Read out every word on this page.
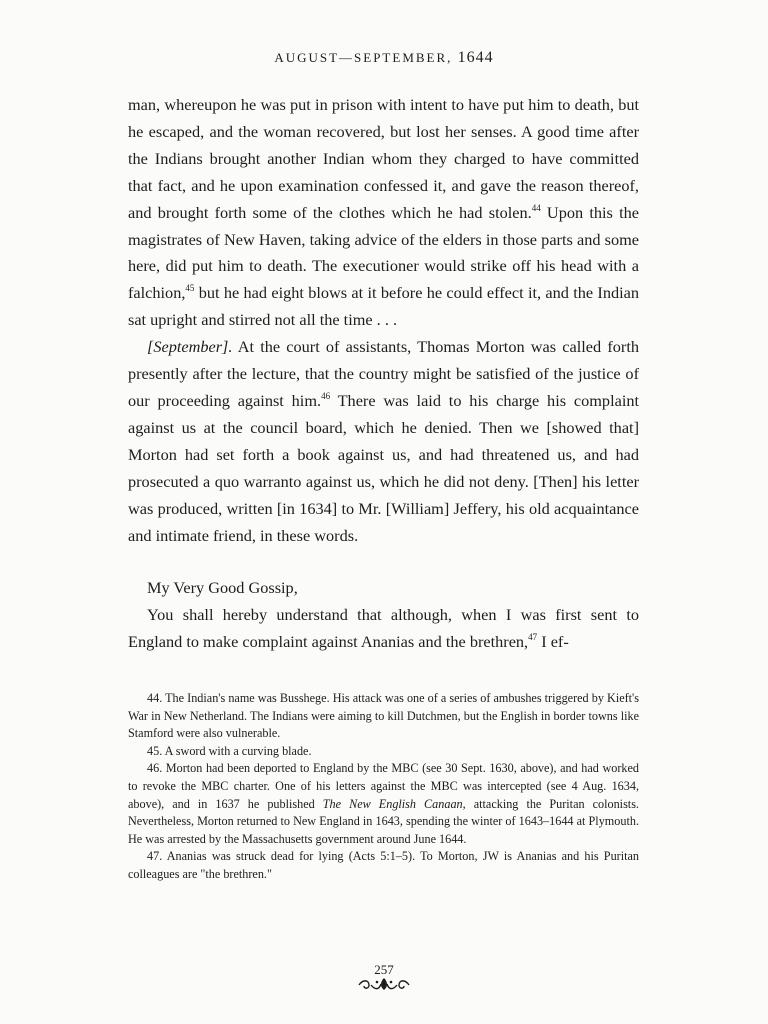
AUGUST—SEPTEMBER, 1644

man, whereupon he was put in prison with intent to have put him to death, but he escaped, and the woman recovered, but lost her senses. A good time after the Indians brought another Indian whom they charged to have committed that fact, and he upon examination confessed it, and gave the reason thereof, and brought forth some of the clothes which he had stolen.$^{44}$ Upon this the magistrates of New Haven, taking advice of the elders in those parts and some here, did put him to death. The executioner would strike off his head with a falchion,$^{45}$ but he had eight blows at it before he could effect it, and the Indian sat upright and stirred not all the time . . .

[September]. At the court of assistants, Thomas Morton was called forth presently after the lecture, that the country might be satisfied of the justice of our proceeding against him.$^{46}$ There was laid to his charge his complaint against us at the council board, which he denied. Then we [showed that] Morton had set forth a book against us, and had threatened us, and had prosecuted a quo warranto against us, which he did not deny. [Then] his letter was produced, written [in 1634] to Mr. [William] Jeffery, his old acquaintance and intimate friend, in these words.

My Very Good Gossip,

You shall hereby understand that although, when I was first sent to England to make complaint against Ananias and the brethren,$^{47}$ I ef-

44. The Indian's name was Busshege. His attack was one of a series of ambushes triggered by Kieft's War in New Netherland. The Indians were aiming to kill Dutchmen, but the English in border towns like Stamford were also vulnerable.

45. A sword with a curving blade.

46. Morton had been deported to England by the MBC (see 30 Sept. 1630, above), and had worked to revoke the MBC charter. One of his letters against the MBC was intercepted (see 4 Aug. 1634, above), and in 1637 he published The New English Canaan, attacking the Puritan colonists. Nevertheless, Morton returned to New England in 1643, spending the winter of 1643–1644 at Plymouth. He was arrested by the Massachusetts government around June 1644.

47. Ananias was struck dead for lying (Acts 5:1–5). To Morton, JW is Ananias and his Puritan colleagues are "the brethren."

257
